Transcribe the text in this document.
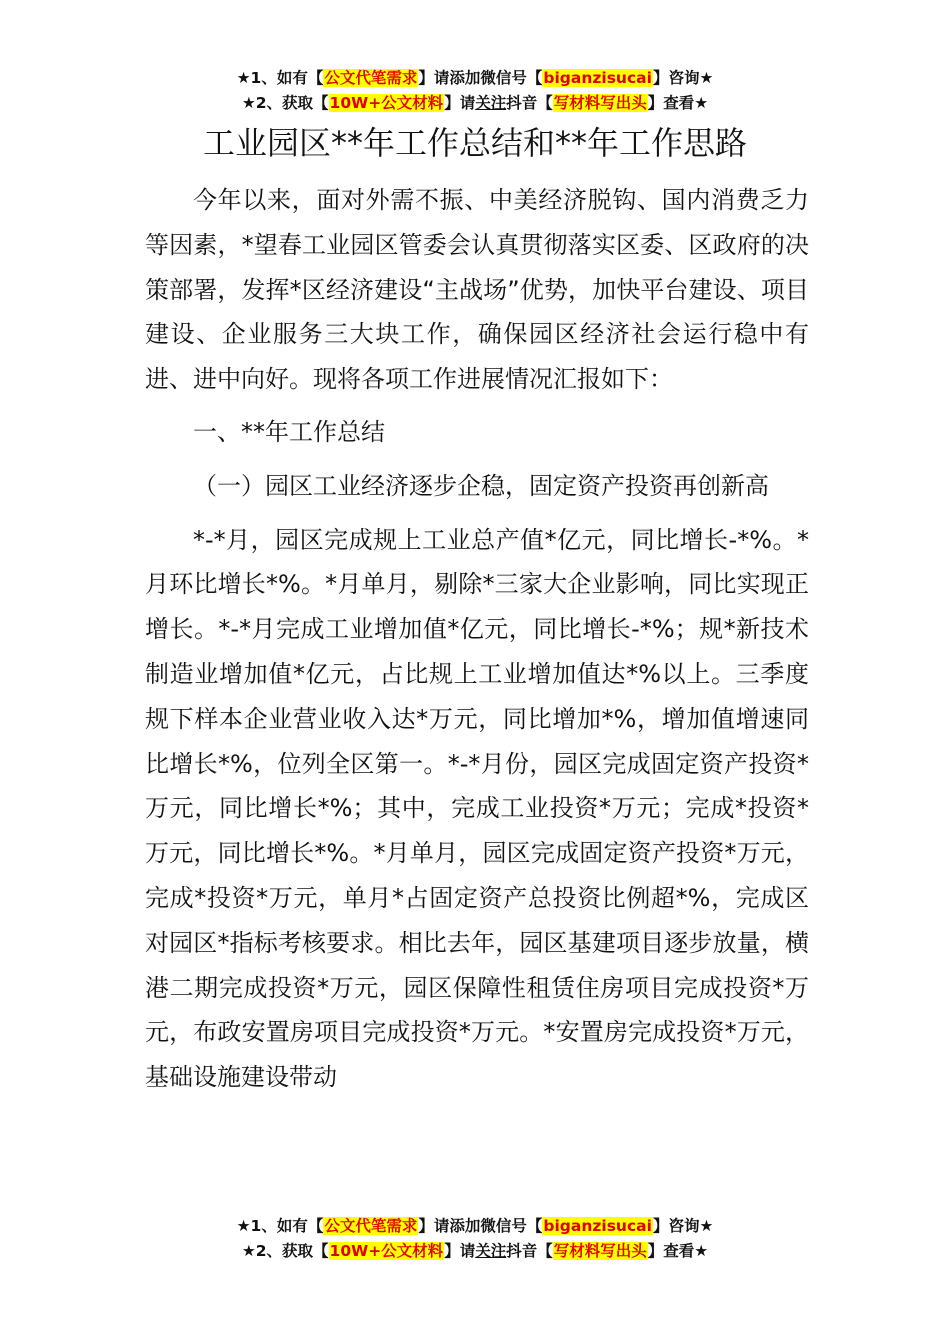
★1、如有【公文代笔需求】请添加微信号【biganzisucai】咨询★
★2、获取【10W+公文材料】请关注抖音【写材料写出头】查看★
工业园区**年工作总结和**年工作思路

今年以来，面对外需不振、中美经济脱钩、国内消费乏力等因素，*望春工业园区管委会认真贯彻落实区委、区政府的决策部署，发挥*区经济建设“主战场”优势，加快平台建设、项目建设、企业服务三大块工作，确保园区经济社会运行稳中有进、进中向好。现将各项工作进展情况汇报如下：

一、**年工作总结

（一）园区工业经济逐步企稳，固定资产投资再创新高

*-*月，园区完成规上工业总产值*亿元，同比增长-*%。*月环比增长*%。*月单月，剔除*三家大企业影响，同比实现正增长。*-*月完成工业增加值*亿元，同比增长-*%；规*新技术制造业增加值*亿元，占比规上工业增加值达*%以上。三季度规下样本企业营业收入达*万元，同比增加*%，增加值增速同比增长*%，位列全区第一。*-*月份，园区完成固定资产投资*万元，同比增长*%；其中，完成工业投资*万元；完成*投资*万元，同比增长*%。*月单月，园区完成固定资产投资*万元，完成*投资*万元，单月*占固定资产总投资比例超*%，完成区对园区*指标考核要求。相比去年，园区基建项目逐步放量，横港二期完成投资*万元，园区保障性租赁住房项目完成投资*万元，布政安置房项目完成投资*万元。*安置房完成投资*万元，基础设施建设带动

★1、如有【公文代笔需求】请添加微信号【biganzisucai】咨询★
★2、获取【10W+公文材料】请关注抖音【写材料写出头】查看★
